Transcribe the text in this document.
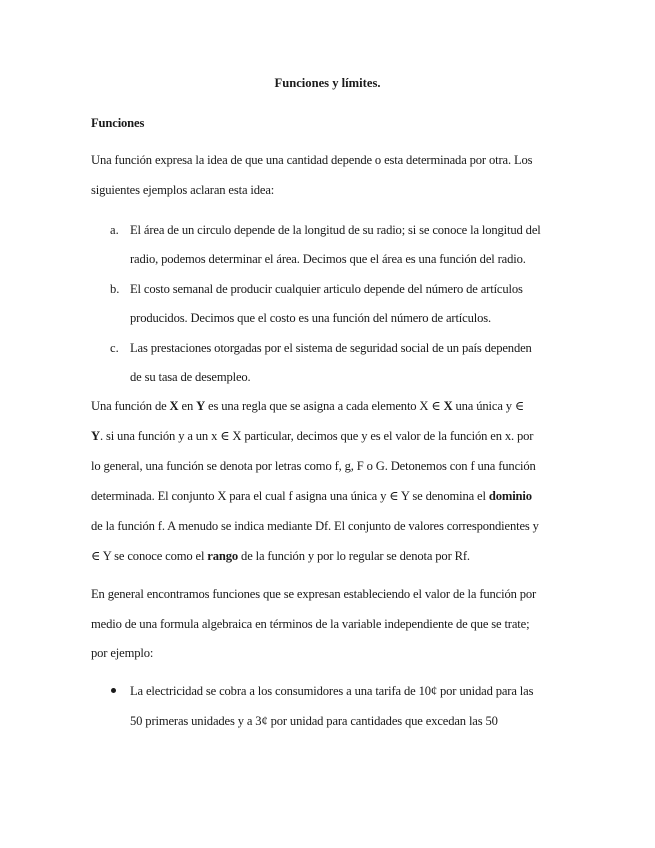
Funciones y límites.
Funciones
Una función expresa la idea de que una cantidad depende o esta determinada por otra. Los
siguientes ejemplos aclaran esta idea:
a. El área de un circulo depende de la longitud de su radio; si se conoce la longitud del
radio, podemos determinar el área. Decimos que el área es una función del radio.
b. El costo semanal de producir cualquier articulo depende del número de artículos
producidos. Decimos que el costo es una función del número de artículos.
c. Las prestaciones otorgadas por el sistema de seguridad social de un país dependen
de su tasa de desempleo.
Una función de X en Y es una regla que se asigna a cada elemento X ∈ X una única y ∈
Y. si una función y a un x ∈ X particular, decimos que y es el valor de la función en x. por
lo general, una función se denota por letras como f, g, F o G. Detonemos con f una función
determinada. El conjunto X para el cual f asigna una única y ∈ Y se denomina el dominio
de la función f. A menudo se indica mediante Df. El conjunto de valores correspondientes y
∈ Y se conoce como el rango de la función y por lo regular se denota por Rf.
En general encontramos funciones que se expresan estableciendo el valor de la función por
medio de una formula algebraica en términos de la variable independiente de que se trate;
por ejemplo:
La electricidad se cobra a los consumidores a una tarifa de 10¢ por unidad para las
50 primeras unidades y a 3¢ por unidad para cantidades que excedan las 50
